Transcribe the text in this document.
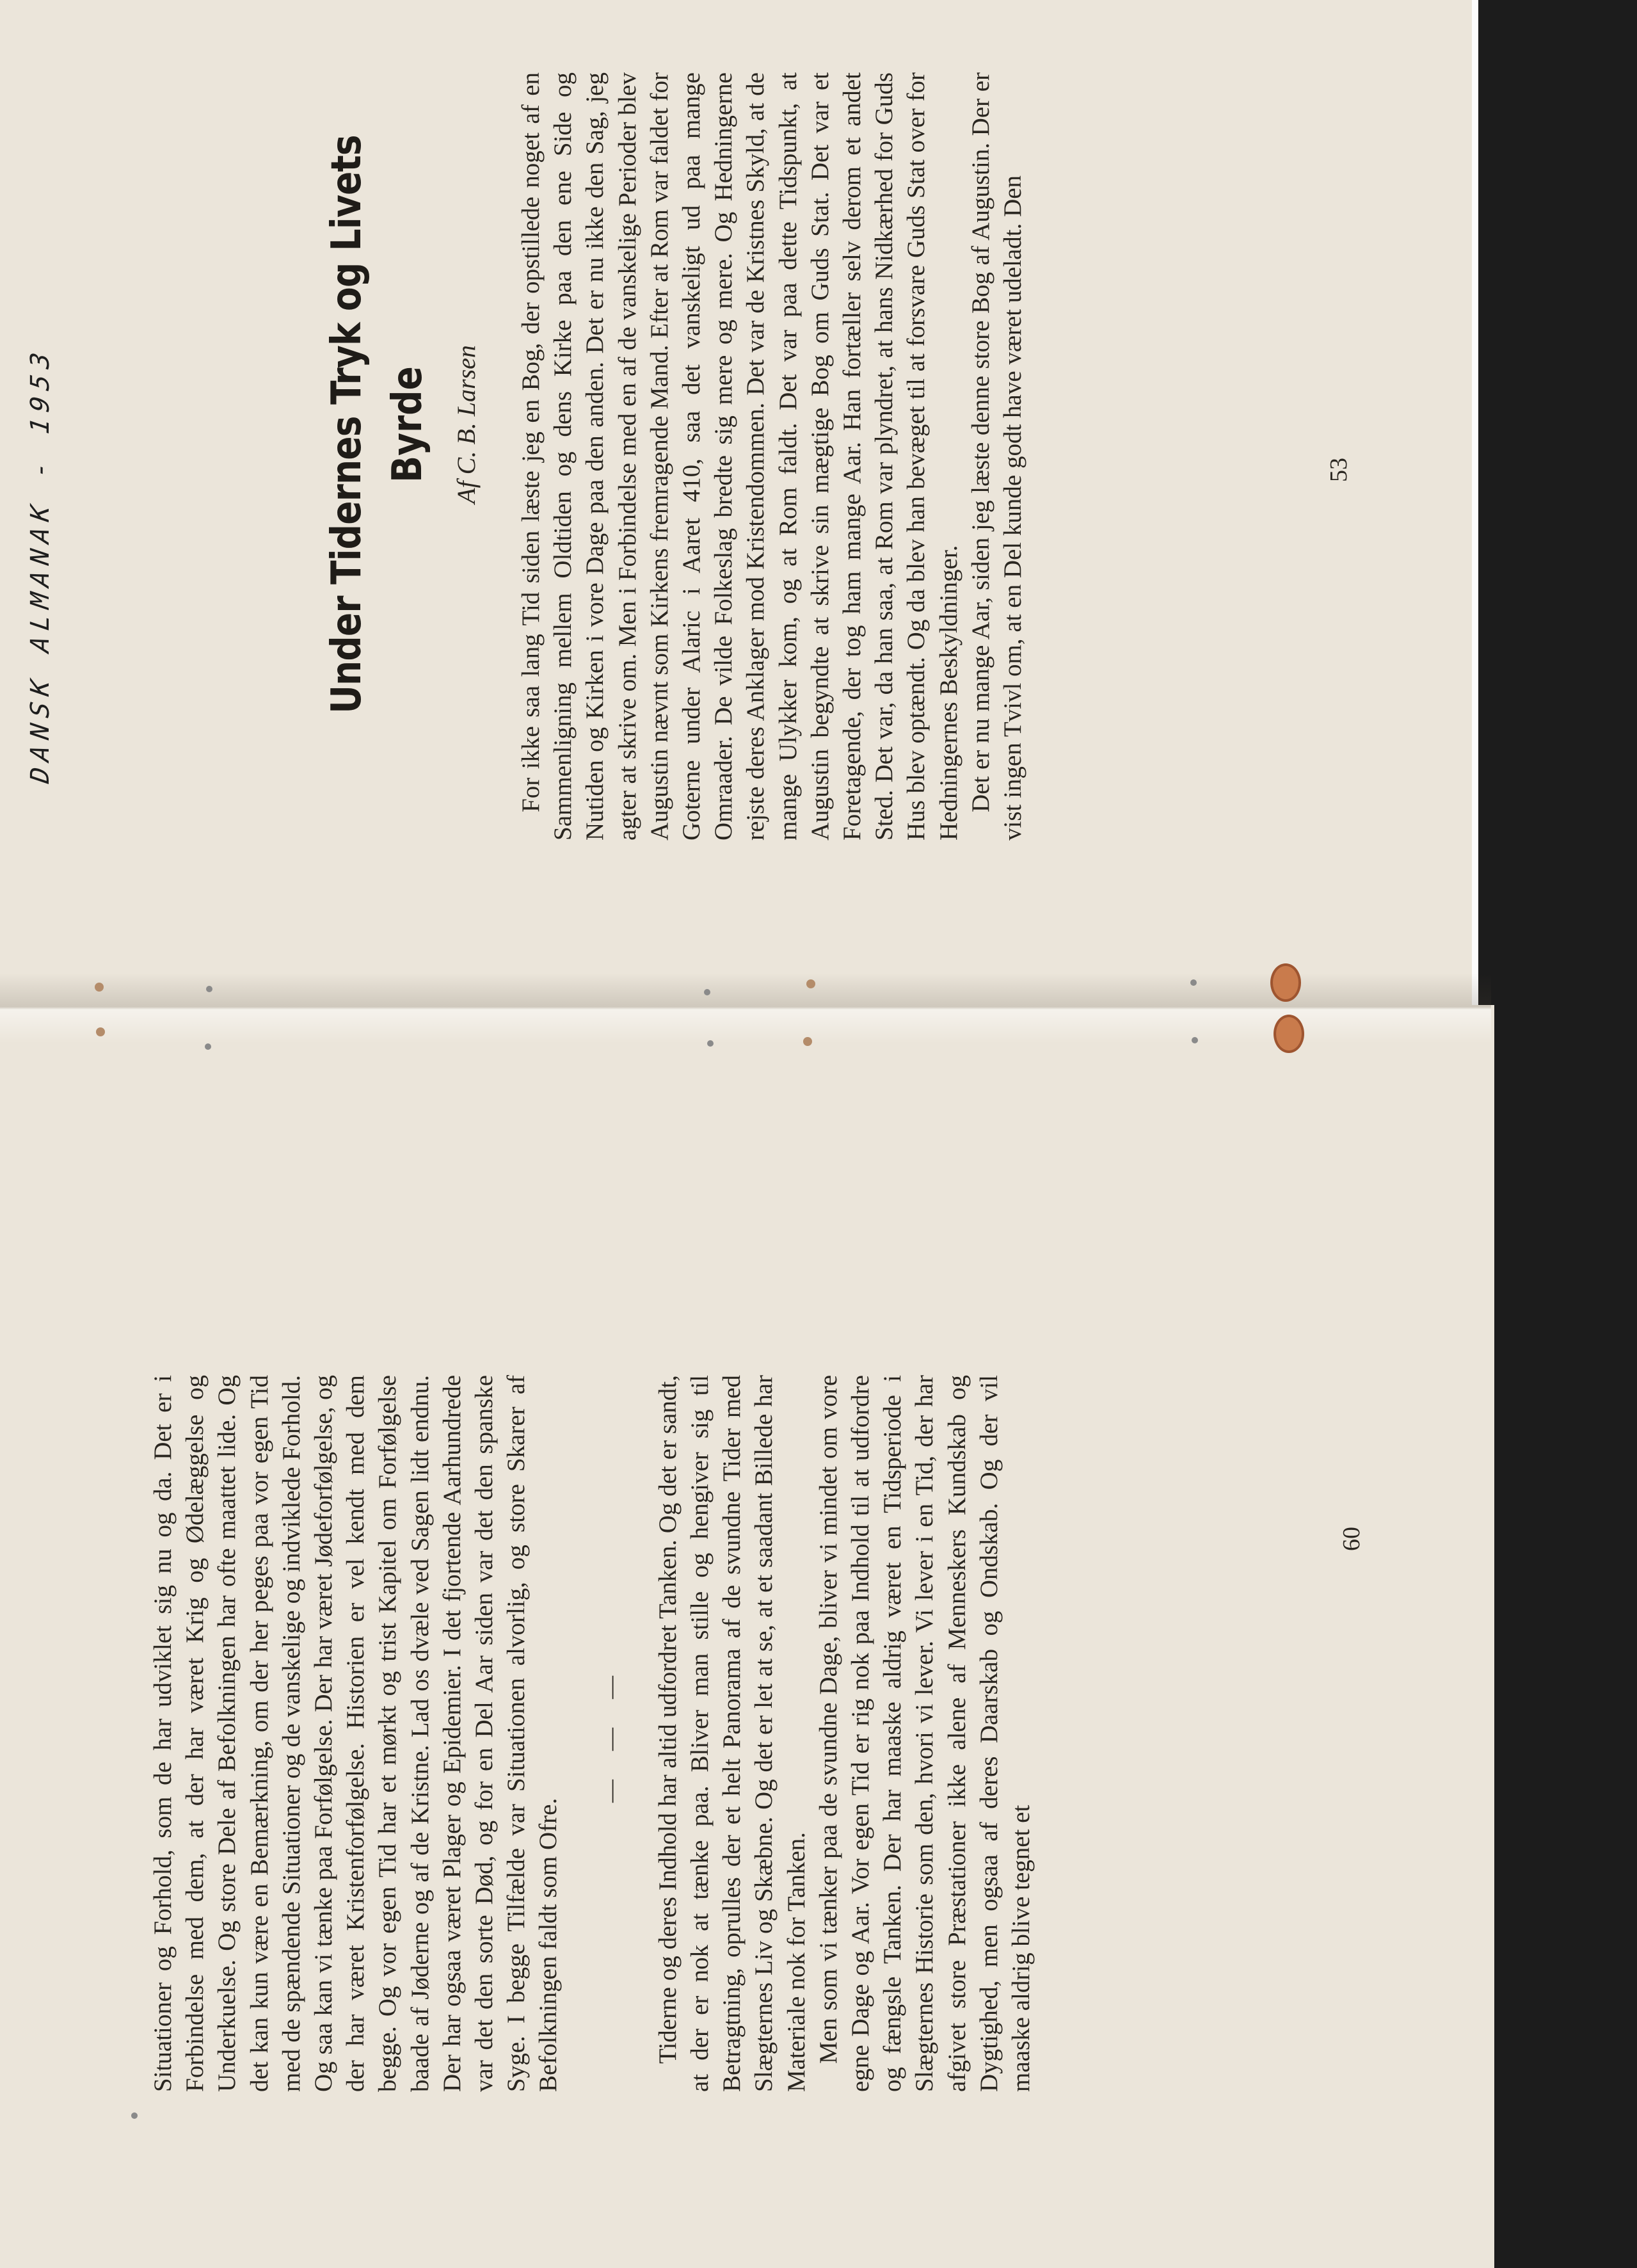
Situationer og Forhold, som de har udviklet sig nu og da. Det er i Forbindelse med dem, at der har været Krig og Ødelæggelse og Underkuelse. Og store Dele af Befolkningen har ofte maattet lide. Og det kan kun være en Bemærkning, om der her peges paa vor egen Tid med de spændende Situationer og de vanskelige og indviklede Forhold. Og saa kan vi tænke paa Forfølgelse. Der har været Jødeforfølgelse, og der har været Kristenforfølgelse. Historien er vel kendt med dem begge. Og vor egen Tid har et mørkt og trist Kapitel om Forfølgelse baade af Jøderne og af de Kristne. Lad os dvæle ved Sagen lidt endnu. Der har ogsaa været Plager og Epidemier. I det fjortende Aarhundrede var det den sorte Død, og for en Del Aar siden var det den spanske Syge. I begge Tilfælde var Situationen alvorlig, og store Skarer af Befolkningen faldt som Ofre.

— — — Tiderne og deres Indhold har altid udfordret Tanken. Og det er sandt, at der er nok at tænke paa. Bliver man stille og hengiver sig til Betragtning, oprulles der et helt Panorama af de svundne Tider med Slægternes Liv og Skæbne. Og det er let at se, at et saadant Billede har Materiale nok for Tanken. Men som vi tænker paa de svundne Dage, bliver vi mindet om vore egne Dage og Aar. Vor egen Tid er rig nok paa Indhold til at udfordre og fængsle Tanken. Der har maaske aldrig været en Tidsperiode i Slægternes Historie som den, hvori vi lever. Vi lever i en Tid, der har afgivet store Præstationer ikke alene af Menneskers Kundskab og Dygtighed, men ogsaa af deres Daarskab og Ondskab. Og der vil maaske aldrig blive tegnet et

60
DANSK ALMANAK - 1953	Under Tidernes Tryk og Livets Byrde Af C. B. Larsen For ikke saa lang Tid siden læste jeg en Bog, der opstillede noget af en Sammenligning mellem Oldtiden og dens Kirke paa den ene Side og Nutiden og Kirken i vore Dage paa den anden. Det er nu ikke den Sag, jeg agter at skrive om. Men i Forbindelse med en af de vanskelige Perioder blev Augustin nævnt som Kirkens fremragende Mand. Efter at Rom var faldet for Goterne under Alaric i Aaret 410, saa det vanskeligt ud paa mange Omraader. De vilde Folkeslag bredte sig mere og mere. Og Hedningerne rejste deres Anklager mod Kristendommen. Det var de Kristnes Skyld, at de mange Ulykker kom, og at Rom faldt. Det var paa dette Tidspunkt, at Augustin begyndte at skrive sin mægtige Bog om Guds Stat. Det var et Foretagende, der tog ham mange Aar. Han fortæller selv derom et andet Sted. Det var, da han saa, at Rom var plyndret, at hans Nidkærhed for Guds Hus blev optændt. Og da blev han bevæget til at forsvare Guds Stat over for Hedningernes Beskyldninger. Det er nu mange Aar, siden jeg læste denne store Bog af Augustin. Der er vist ingen Tvivl om, at en Del kunde godt have været udeladt. Den	53
